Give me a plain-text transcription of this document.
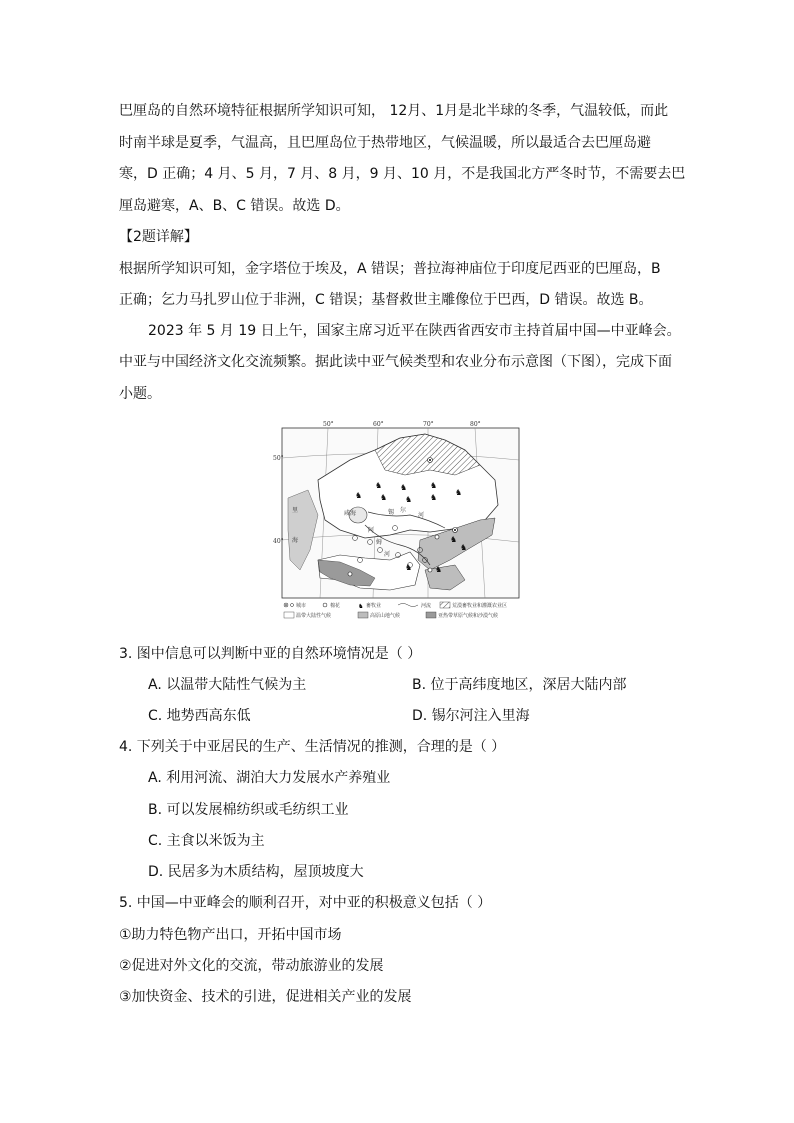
巴厘岛的自然环境特征根据所学知识可知， 12月、1月是北半球的冬季，气温较低，而此
时南半球是夏季，气温高，且巴厘岛位于热带地区，气候温暖，所以最适合去巴厘岛避
寒，D 正确；4 月、5 月，7 月、8 月，9 月、10 月，不是我国北方严冬时节，不需要去巴
厘岛避寒，A、B、C 错误。故选 D。
【2题详解】
根据所学知识可知，金字塔位于埃及，A 错误；普拉海神庙位于印度尼西亚的巴厘岛，B
正确；乞力马扎罗山位于非洲，C 错误；基督救世主雕像位于巴西，D 错误。故选 B。
2023 年 5 月 19 日上午，国家主席习近平在陕西省西安市主持首届中国—中亚峰会。
中亚与中国经济文化交流频繁。据此读中亚气候类型和农业分布示意图（下图），完成下面
小题。
♞ ♞	♞
♞ ♞ ♞ ♞
♞
♞
♞
♞	♞
50°	60°	70°	80°
50°
40°
里
海
咸海	锡 尔
河
阿
姆
河
城市	棉花	♞ 畜牧业	河流	荒漠畜牧业和灌溉农业区
温带大陆性气候	高原山地气候	亚热带草原气候和沙漠气候
3. 图中信息可以判断中亚的自然环境情况是（ ）
A. 以温带大陆性气候为主	B. 位于高纬度地区，深居大陆内部
C. 地势西高东低	D. 锡尔河注入里海
4. 下列关于中亚居民的生产、生活情况的推测，合理的是（ ）
A. 利用河流、湖泊大力发展水产养殖业
B. 可以发展棉纺织或毛纺织工业
C. 主食以米饭为主
D. 民居多为木质结构，屋顶坡度大
5. 中国—中亚峰会的顺利召开，对中亚的积极意义包括（ ）
①助力特色物产出口，开拓中国市场
②促进对外文化的交流，带动旅游业的发展
③加快资金、技术的引进，促进相关产业的发展
